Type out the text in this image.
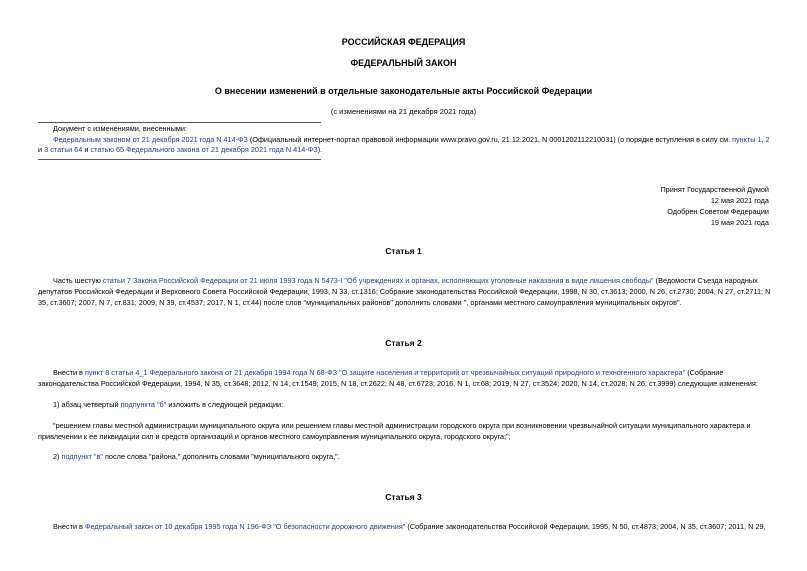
РОССИЙСКАЯ ФЕДЕРАЦИЯ
ФЕДЕРАЛЬНЫЙ ЗАКОН
О внесении изменений в отдельные законодательные акты Российской Федерации
(с изменениями на 21 декабря 2021 года)
Документ с изменениями, внесенными:
Федеральным законом от 21 декабря 2021 года N 414-ФЗ (Официальный интернет-портал правовой информации www.pravo.gov.ru, 21.12.2021, N 0001202112210031) (о порядке вступления в силу см. пункты 1, 2
и 3 статьи 64 и статью 65 Федерального закона от 21 декабря 2021 года N 414-ФЗ).
Принят Государственной Думой
12 мая 2021 года
Одобрен Советом Федерации
19 мая 2021 года
Статья 1
Часть шестую статьи 7 Закона Российской Федерации от 21 июля 1993 года N 5473-I "Об учреждениях и органах, исполняющих уголовные наказания в виде лишения свободы" (Ведомости Съезда народных
депутатов Российской Федерации и Верховного Совета Российской Федерации, 1993, N 33, ст.1316; Собрание законодательства Российской Федерации, 1998, N 30, ст.3613; 2000, N 26, ст.2730; 2004, N 27, ст.2711; N
35, ст.3607; 2007, N 7, ст.831; 2009, N 39, ст.4537; 2017, N 1, ст.44) после слов "муниципальных районов" дополнить словами ", органами местного самоуправления муниципальных округов".
Статья 2
Внести в пункт 8 статьи 4_1 Федерального закона от 21 декабря 1994 года N 68-ФЗ "О защите населения и территорий от чрезвычайных ситуаций природного и техногенного характера" (Собрание
законодательства Российской Федерации, 1994, N 35, ст.3648; 2012, N 14, ст.1549; 2015, N 18, ст.2622; N 48, ст.6723; 2016, N 1, ст.68; 2019, N 27, ст.3524; 2020, N 14, ст.2028; N 26, ст.3999) следующие изменения:
1) абзац четвертый подпункта "б" изложить в следующей редакции:
"решением главы местной администрации муниципального округа или решением главы местной администрации городского округа при возникновении чрезвычайной ситуации муниципального характера и
привлечении к ее ликвидации сил и средств организаций и органов местного самоуправления муниципального округа, городского округа;";
2) подпункт "в" после слова "района," дополнить словами "муниципального округа,".
Статья 3
Внести в Федеральный закон от 10 декабря 1995 года N 196-ФЗ "О безопасности дорожного движения" (Собрание законодательства Российской Федерации, 1995, N 50, ст.4873; 2004, N 35, ст.3607; 2011, N 29,
